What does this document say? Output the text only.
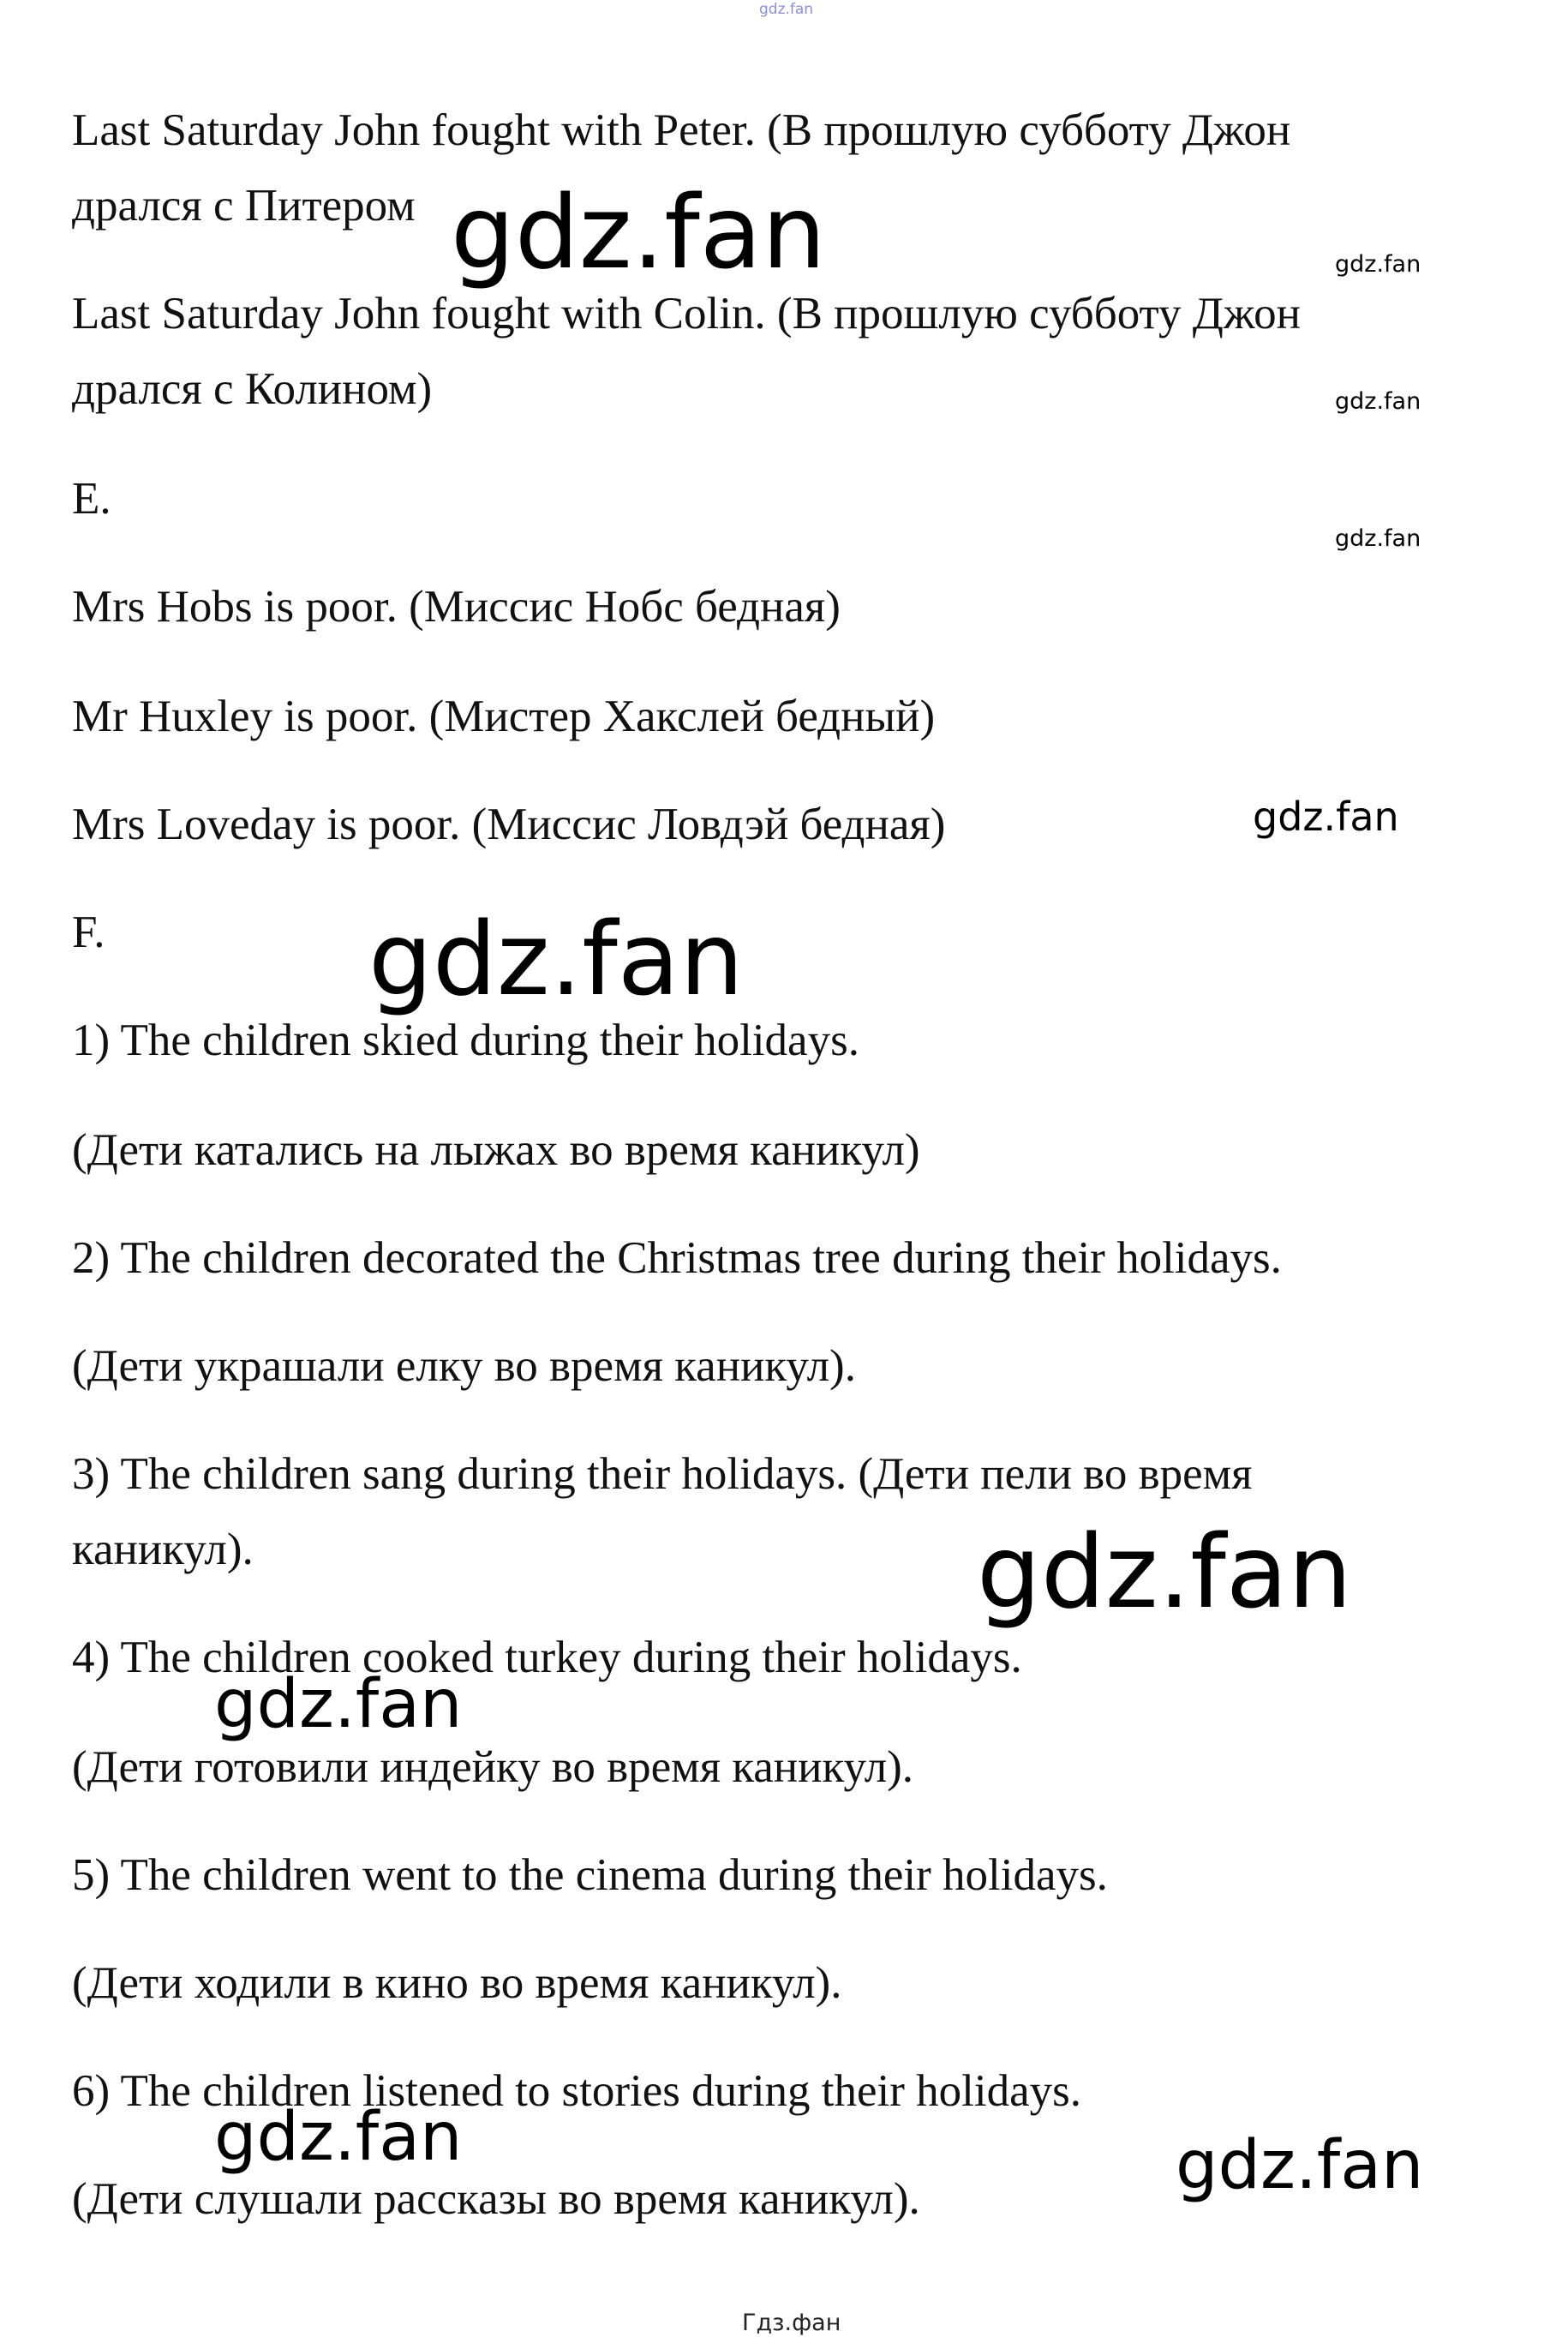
gdz.fan

Last Saturday John fought with Peter. (В прошлую субботу Джон

дрался с Питером

Last Saturday John fought with Colin. (В прошлую субботу Джон

дрался с Колином)

E.

Mrs Hobs is poor. (Миссис Нобс бедная)

Mr Huxley is poor. (Мистер Хакслей бедный)

Mrs Loveday is poor. (Миссис Ловдэй бедная)

F.

1) The children skied during their holidays.

(Дети катались на лыжах во время каникул)

2) The children decorated the Christmas tree during their holidays.

(Дети украшали елку во время каникул).

3) The children sang during their holidays. (Дети пели во время

каникул).

4) The children cooked turkey during their holidays.

(Дети готовили индейку во время каникул).

5) The children went to the cinema during their holidays.

(Дети ходили в кино во время каникул).

6) The children listened to stories during their holidays.

(Дети слушали рассказы во время каникул).

gdz.fan	gdz.fan
gdz.fan
gdz.fan
gdz.fan
gdz.fan
gdz.fan
gdz.fan
gdz.fan	gdz.fan
Гдз.фан
